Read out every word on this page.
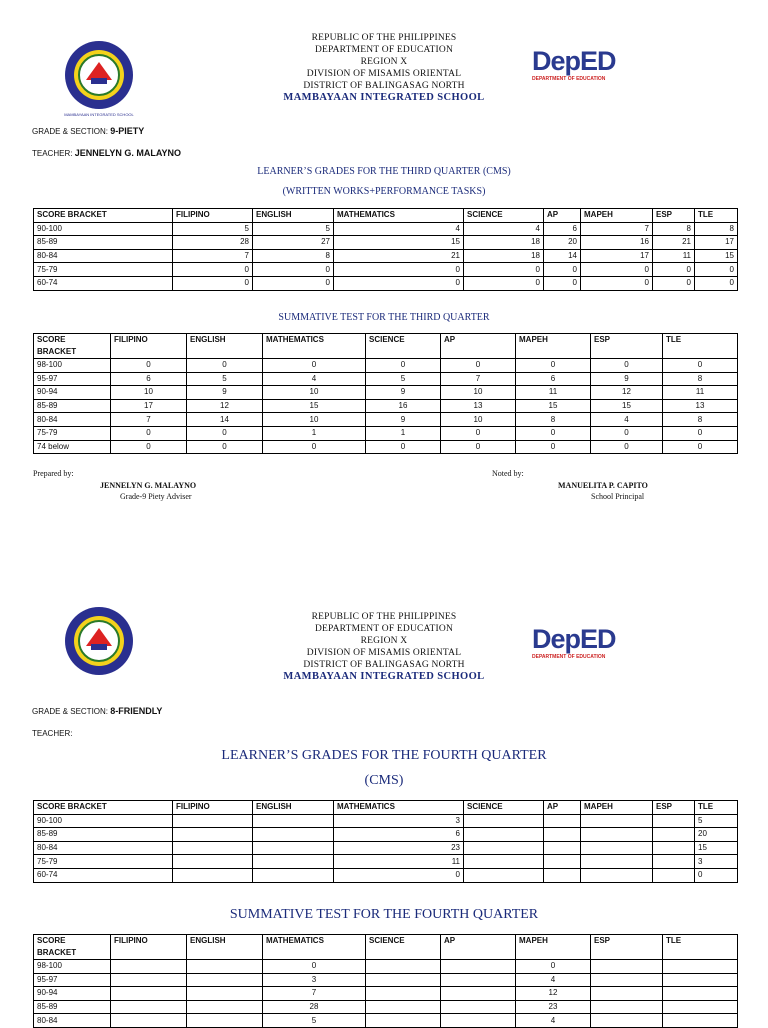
MAMBAYAAN INTEGRATED SCHOOL
REPUBLIC OF THE PHILIPPINES
DEPARTMENT OF EDUCATION
REGION X
DIVISION OF MISAMIS ORIENTAL
DISTRICT OF BALINGASAG NORTH
MAMBAYAAN INTEGRATED SCHOOL
DepED
DEPARTMENT OF EDUCATION
GRADE & SECTION: 9-PIETY
TEACHER: JENNELYN G. MALAYNO
LEARNER’S GRADES FOR THE THIRD QUARTER (CMS)
(WRITTEN WORKS+PERFORMANCE TASKS)
SCORE BRACKET	FILIPINO	ENGLISH	MATHEMATICS	SCIENCE	AP	MAPEH	ESP	TLE
90-100	5	5	4	4	6	7	8	8
85-89	28	27	15	18	20	16	21	17
80-84	7	8	21	18	14	17	11	15
75-79	0	0	0	0	0	0	0	0
60-74	0	0	0	0	0	0	0	0
SUMMATIVE TEST FOR THE THIRD QUARTER
SCORE
BRACKET	FILIPINO	ENGLISH	MATHEMATICS	SCIENCE	AP	MAPEH	ESP	TLE
98-100	0	0	0	0	0	0	0	0
95-97	6	5	4	5	7	6	9	8
90-94	10	9	10	9	10	11	12	11
85-89	17	12	15	16	13	15	15	13
80-84	7	14	10	9	10	8	4	8
75-79	0	0	1	1	0	0	0	0
74 below	0	0	0	0	0	0	0	0
Prepared by:
JENNELYN G. MALAYNO
Grade-9 Piety Adviser
Noted by:
MANUELITA P. CAPITO
School Principal
REPUBLIC OF THE PHILIPPINES
DEPARTMENT OF EDUCATION
REGION X
DIVISION OF MISAMIS ORIENTAL
DISTRICT OF BALINGASAG NORTH
MAMBAYAAN INTEGRATED SCHOOL
DepED
DEPARTMENT OF EDUCATION
GRADE & SECTION: 8-FRIENDLY
TEACHER:
LEARNER’S GRADES FOR THE FOURTH QUARTER
(CMS)
SCORE BRACKET	FILIPINO	ENGLISH	MATHEMATICS	SCIENCE	AP	MAPEH	ESP	TLE
90-100			3					5
85-89			6					20
80-84			23					15
75-79			11					3
60-74			0					0
SUMMATIVE TEST FOR THE FOURTH QUARTER
SCORE
BRACKET	FILIPINO	ENGLISH	MATHEMATICS	SCIENCE	AP	MAPEH	ESP	TLE
98-100			0			0		
95-97			3			4		
90-94			7			12		
85-89			28			23		
80-84			5			4		
